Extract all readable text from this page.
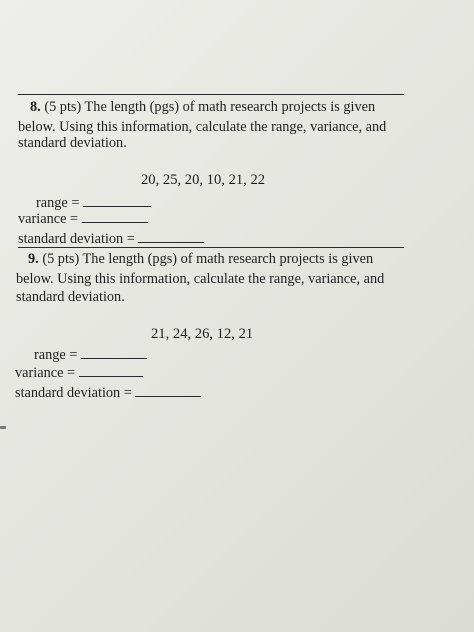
8. (5 pts) The length (pgs) of math research projects is given
below. Using this information, calculate the range, variance, and
standard deviation.
20, 25, 20, 10, 21, 22
range =
variance =
standard deviation =
9. (5 pts) The length (pgs) of math research projects is given
below. Using this information, calculate the range, variance, and
standard deviation.
21, 24, 26, 12, 21
range =
variance =
standard deviation =
